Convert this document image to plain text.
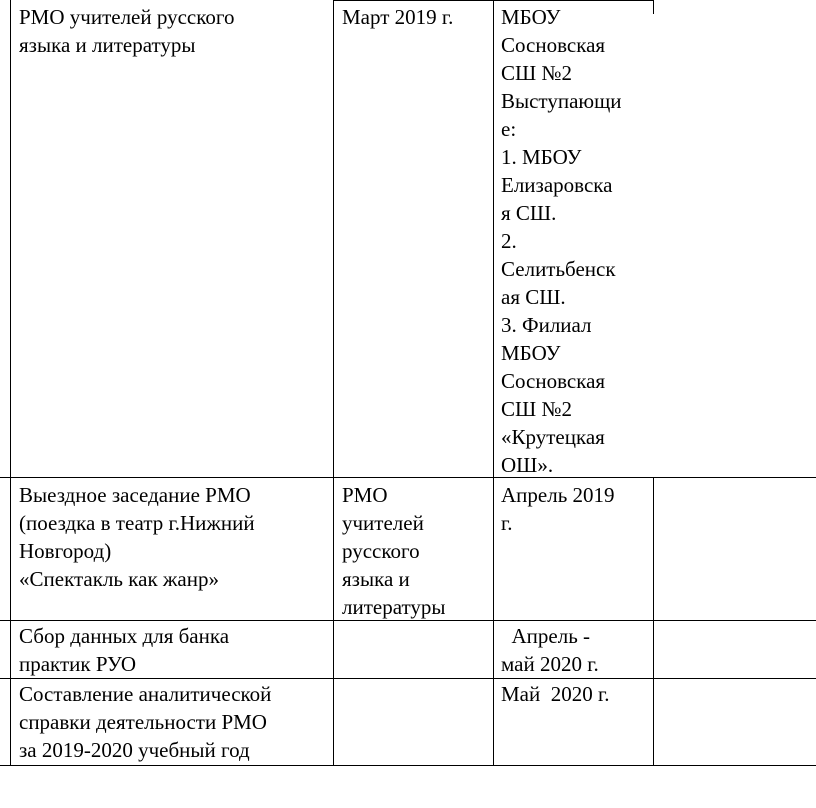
РМО учителей русского
языка и литературы
Март 2019 г. МБОУ
Сосновская
СШ №2
Выступающи
е:
1. МБОУ
Елизаровска
я СШ.
2.
Селитьбенск
ая СШ.
3. Филиал
МБОУ
Сосновская
СШ №2
«Крутецкая
ОШ».
Выездное заседание РМО
(поездка в театр г.Нижний
Новгород)
«Спектакль как жанр»
РМО
учителей
русского
языка и
литературы
Апрель 2019
г.
Сбор данных для банка
практик РУО
Апрель -
май 2020 г.
Составление аналитической
справки деятельности РМО
за 2019-2020 учебный год
Май  2020 г.
